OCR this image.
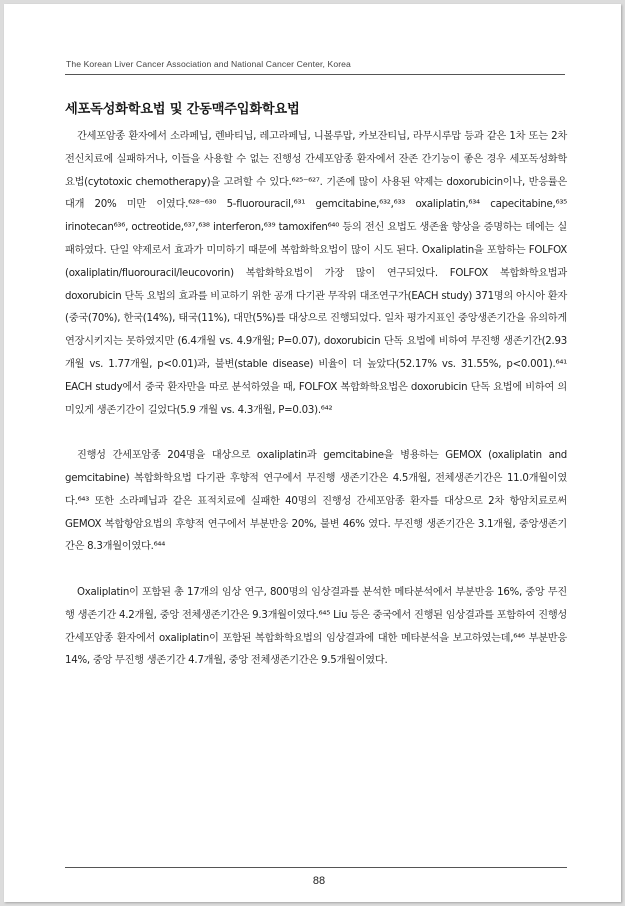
The Korean Liver Cancer Association and National Cancer Center, Korea
세포독성화학요법 및 간동맥주입화학요법

간세포암종 환자에서 소라페닙, 렌바티닙, 레고라페닙, 니볼루맙, 카보잔티닙, 라무시루맙 등과 같은 1차 또는 2차 전신치료에 실패하거나, 이들을 사용할 수 없는 진행성 간세포암종 환자에서 잔존 간기능이 좋은 경우 세포독성화학요법(cytotoxic chemotherapy)을 고려할 수 있다.⁶²⁵⁻⁶²⁷. 기존에 많이 사용된 약제는 doxorubicin이나, 반응률은 대개 20% 미만 이였다.⁶²⁸⁻⁶³⁰ 5-fluorouracil,⁶³¹ gemcitabine,⁶³²,⁶³³ oxaliplatin,⁶³⁴ capecitabine,⁶³⁵ irinotecan⁶³⁶, octreotide,⁶³⁷,⁶³⁸ interferon,⁶³⁹ tamoxifen⁶⁴⁰ 등의 전신 요법도 생존율 향상을 증명하는 데에는 실패하였다. 단일 약제로서 효과가 미미하기 때문에 복합화학요법이 많이 시도 된다. Oxaliplatin을 포함하는 FOLFOX (oxaliplatin/fluorouracil/leucovorin) 복합화학요법이 가장 많이 연구되었다. FOLFOX 복합화학요법과 doxorubicin 단독 요법의 효과를 비교하기 위한 공개 다기관 무작위 대조연구가(EACH study) 371명의 아시아 환자(중국(70%), 한국(14%), 태국(11%), 대만(5%)를 대상으로 진행되었다. 일차 평가지표인 중앙생존기간을 유의하게 연장시키지는 못하였지만 (6.4개월 vs. 4.9개월; P=0.07), doxorubicin 단독 요법에 비하여 무진행 생존기간(2.93개월 vs. 1.77개월, p<0.01)과, 불변(stable disease) 비율이 더 높았다(52.17% vs. 31.55%, p<0.001).⁶⁴¹ EACH study에서 중국 환자만을 따로 분석하였을 때, FOLFOX 복합화학요법은 doxorubicin 단독 요법에 비하여 의미있게 생존기간이 길었다(5.9 개월 vs. 4.3개월, P=0.03).⁶⁴²

진행성 간세포암종 204명을 대상으로 oxaliplatin과 gemcitabine을 병용하는 GEMOX (oxaliplatin and gemcitabine) 복합화학요법 다기관 후향적 연구에서 무진행 생존기간은 4.5개월, 전체생존기간은 11.0개월이였다.⁶⁴³ 또한 소라페닙과 같은 표적치료에 실패한 40명의 진행성 간세포암종 환자를 대상으로 2차 항암치료로써 GEMOX 복합항암요법의 후향적 연구에서 부분반응 20%, 불변 46% 였다. 무진행 생존기간은 3.1개월, 중앙생존기간은 8.3개월이였다.⁶⁴⁴

Oxaliplatin이 포함된 총 17개의 임상 연구, 800명의 임상결과를 분석한 메타분석에서 부분반응 16%, 중앙 무진행 생존기간 4.2개월, 중앙 전체생존기간은 9.3개월이였다.⁶⁴⁵ Liu 등은 중국에서 진행된 임상결과를 포함하여 진행성 간세포암종 환자에서 oxaliplatin이 포함된 복합화학요법의 임상결과에 대한 메타분석을 보고하였는데,⁶⁴⁶ 부분반응 14%, 중앙 무진행 생존기간 4.7개월, 중앙 전체생존기간은 9.5개월이였다.

88
